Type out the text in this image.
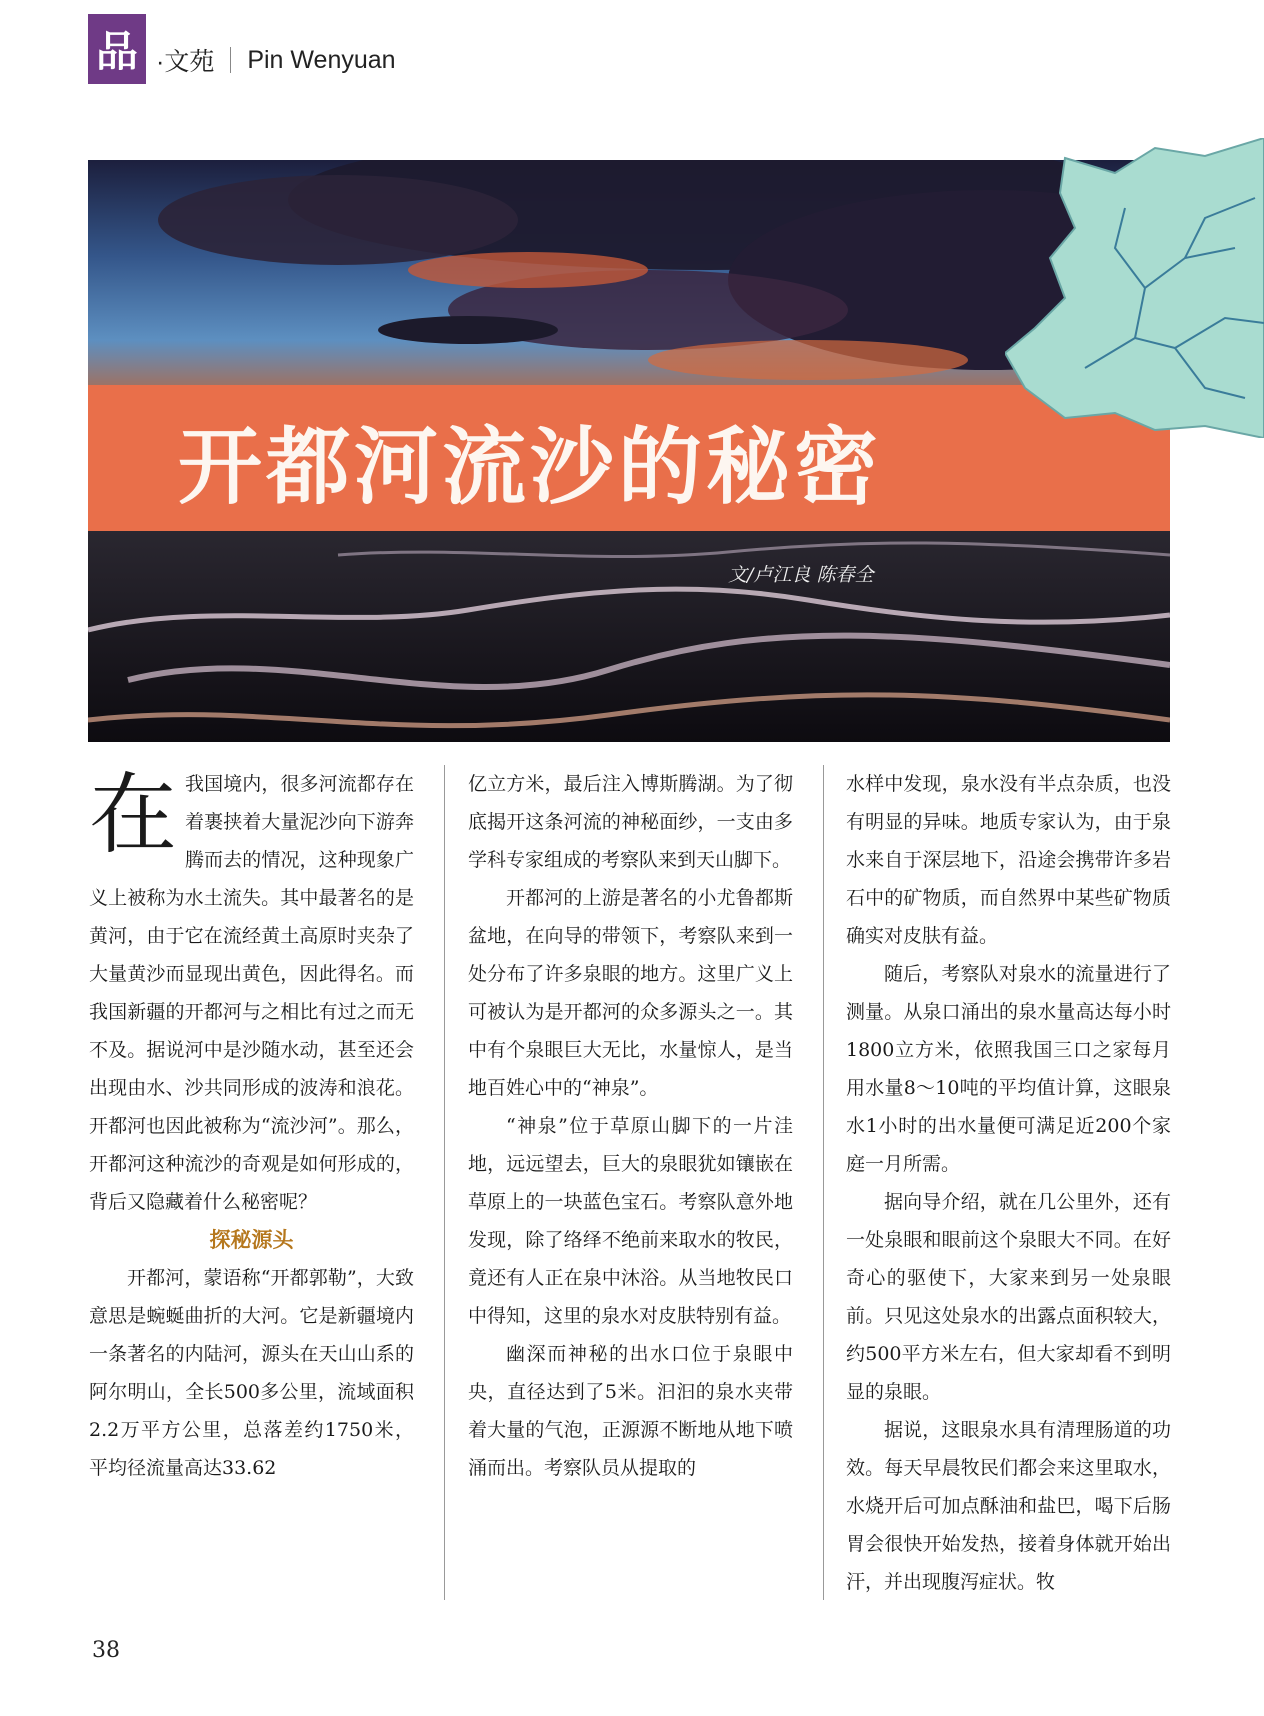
品 ·文苑 Pin Wenyuan
开都河流沙的秘密
文/卢江良 陈春全

在我国境内，很多河流都存在着裹挟着大量泥沙向下游奔腾而去的情况，这种现象广义上被称为水土流失。其中最著名的是黄河，由于它在流经黄土高原时夹杂了大量黄沙而显现出黄色，因此得名。而我国新疆的开都河与之相比有过之而无不及。据说河中是沙随水动，甚至还会出现由水、沙共同形成的波涛和浪花。开都河也因此被称为“流沙河”。那么，开都河这种流沙的奇观是如何形成的，背后又隐藏着什么秘密呢？

探秘源头

开都河，蒙语称“开都郭勒”，大致意思是蜿蜒曲折的大河。它是新疆境内一条著名的内陆河，源头在天山山系的阿尔明山，全长500多公里，流域面积2.2万平方公里，总落差约1750米，平均径流量高达33.62

亿立方米，最后注入博斯腾湖。为了彻底揭开这条河流的神秘面纱，一支由多学科专家组成的考察队来到天山脚下。

开都河的上游是著名的小尤鲁都斯盆地，在向导的带领下，考察队来到一处分布了许多泉眼的地方。这里广义上可被认为是开都河的众多源头之一。其中有个泉眼巨大无比，水量惊人，是当地百姓心中的“神泉”。

“神泉”位于草原山脚下的一片洼地，远远望去，巨大的泉眼犹如镶嵌在草原上的一块蓝色宝石。考察队意外地发现，除了络绎不绝前来取水的牧民，竟还有人正在泉中沐浴。从当地牧民口中得知，这里的泉水对皮肤特别有益。

幽深而神秘的出水口位于泉眼中央，直径达到了5米。汩汩的泉水夹带着大量的气泡，正源源不断地从地下喷涌而出。考察队员从提取的

水样中发现，泉水没有半点杂质，也没有明显的异味。地质专家认为，由于泉水来自于深层地下，沿途会携带许多岩石中的矿物质，而自然界中某些矿物质确实对皮肤有益。

随后，考察队对泉水的流量进行了测量。从泉口涌出的泉水量高达每小时1800立方米，依照我国三口之家每月用水量8～10吨的平均值计算，这眼泉水1小时的出水量便可满足近200个家庭一月所需。

据向导介绍，就在几公里外，还有一处泉眼和眼前这个泉眼大不同。在好奇心的驱使下，大家来到另一处泉眼前。只见这处泉水的出露点面积较大，约500平方米左右，但大家却看不到明显的泉眼。

据说，这眼泉水具有清理肠道的功效。每天早晨牧民们都会来这里取水，水烧开后可加点酥油和盐巴，喝下后肠胃会很快开始发热，接着身体就开始出汗，并出现腹泻症状。牧

38
